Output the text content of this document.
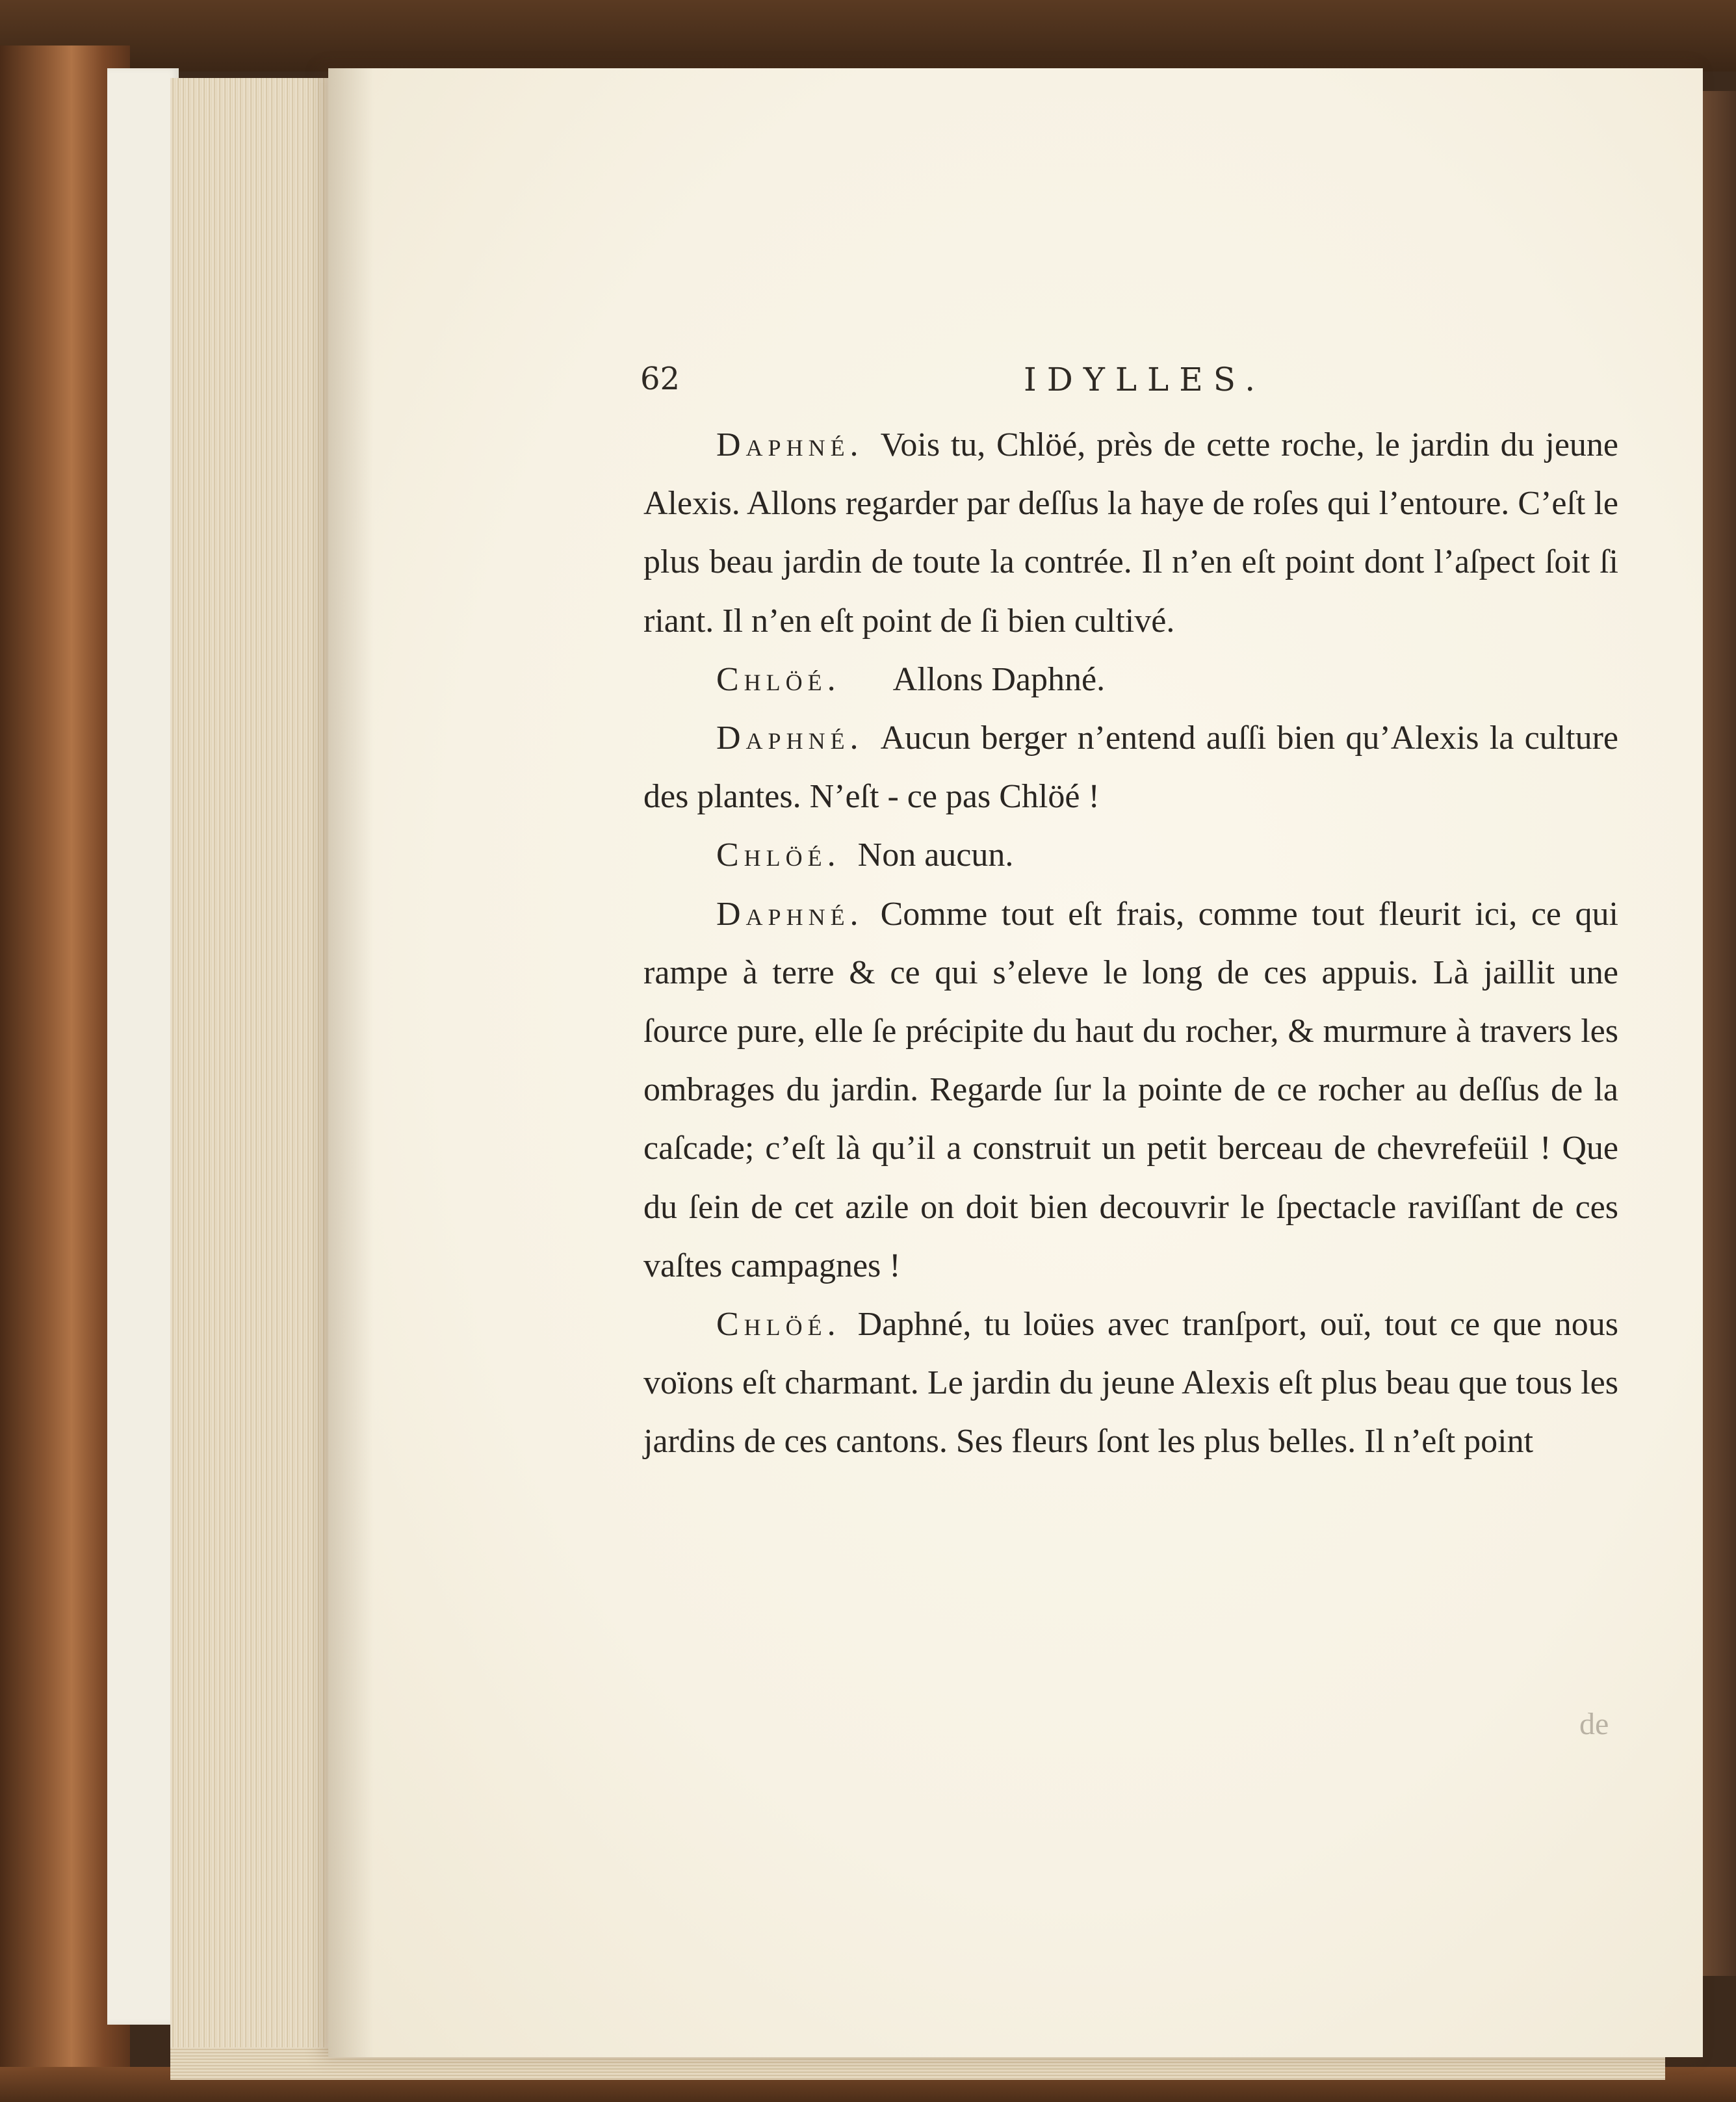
62	IDYLLES.

Daphné. Vois tu, Chlöé, près de cette roche, le jardin du jeune Alexis. Allons regarder par deſſus la haye de roſes qui l’entoure. C’eſt le plus beau jardin de toute la contrée. Il n’en eſt point dont l’aſpect ſoit ſi riant. Il n’en eſt point de ſi bien cultivé.

Chlöé. Allons Daphné.

Daphné. Aucun berger n’entend auſſi bien qu’Alexis la culture des plantes. N’eſt - ce pas Chlöé !

Chlöé. Non aucun.

Daphné. Comme tout eſt frais, comme tout fleurit ici, ce qui rampe à terre & ce qui s’eleve le long de ces appuis. Là jaillit une ſource pure, elle ſe précipite du haut du rocher, & murmure à travers les ombrages du jardin. Regarde ſur la pointe de ce rocher au deſſus de la caſcade; c’eſt là qu’il a construit un petit berceau de chevrefeüil ! Que du ſein de cet azile on doit bien decouvrir le ſpectacle raviſſant de ces vaſtes campagnes !

Chlöé. Daphné, tu loües avec tranſport, ouï, tout ce que nous voïons eſt charmant. Le jardin du jeune Alexis eſt plus beau que tous les jardins de ces cantons. Ses fleurs ſont les plus belles. Il n’eſt point

de
